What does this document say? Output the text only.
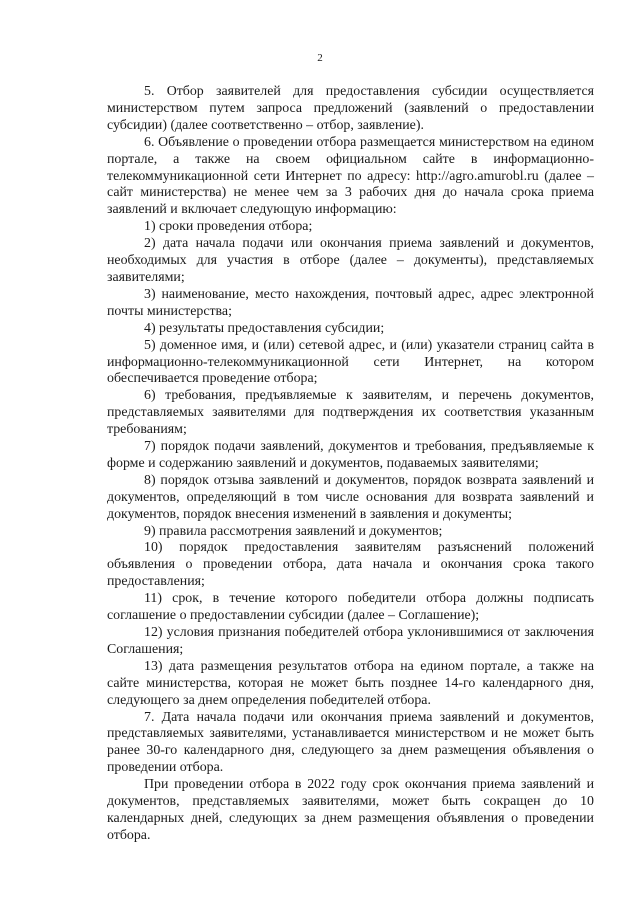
2

5. Отбор заявителей для предоставления субсидии осуществляется министерством путем запроса предложений (заявлений о предоставлении субсидии) (далее соответственно – отбор, заявление).

6. Объявление о проведении отбора размещается министерством на едином портале, а также на своем официальном сайте в информационно-телекоммуникационной сети Интернет по адресу: http://agro.amurobl.ru (далее – сайт министерства) не менее чем за 3 рабочих дня до начала срока приема заявлений и включает следующую информацию:

1) сроки проведения отбора;

2) дата начала подачи или окончания приема заявлений и документов, необходимых для участия в отборе (далее – документы), представляемых заявителями;

3) наименование, место нахождения, почтовый адрес, адрес электронной почты министерства;

4) результаты предоставления субсидии;

5) доменное имя, и (или) сетевой адрес, и (или) указатели страниц сайта в информационно-телекоммуникационной сети Интернет, на котором обеспечивается проведение отбора;

6) требования, предъявляемые к заявителям, и перечень документов, представляемых заявителями для подтверждения их соответствия указанным требованиям;

7) порядок подачи заявлений, документов и требования, предъявляемые к форме и содержанию заявлений и документов, подаваемых заявителями;

8) порядок отзыва заявлений и документов, порядок возврата заявлений и документов, определяющий в том числе основания для возврата заявлений и документов, порядок внесения изменений в заявления и документы;

9) правила рассмотрения заявлений и документов;

10) порядок предоставления заявителям разъяснений положений объявления о проведении отбора, дата начала и окончания срока такого предоставления;

11) срок, в течение которого победители отбора должны подписать соглашение о предоставлении субсидии (далее – Соглашение);

12) условия признания победителей отбора уклонившимися от заключения Соглашения;

13) дата размещения результатов отбора на едином портале, а также на сайте министерства, которая не может быть позднее 14-го календарного дня, следующего за днем определения победителей отбора.

7. Дата начала подачи или окончания приема заявлений и документов, представляемых заявителями, устанавливается министерством и не может быть ранее 30-го календарного дня, следующего за днем размещения объявления о проведении отбора.

При проведении отбора в 2022 году срок окончания приема заявлений и документов, представляемых заявителями, может быть сокращен до 10 календарных дней, следующих за днем размещения объявления о проведении отбора.
